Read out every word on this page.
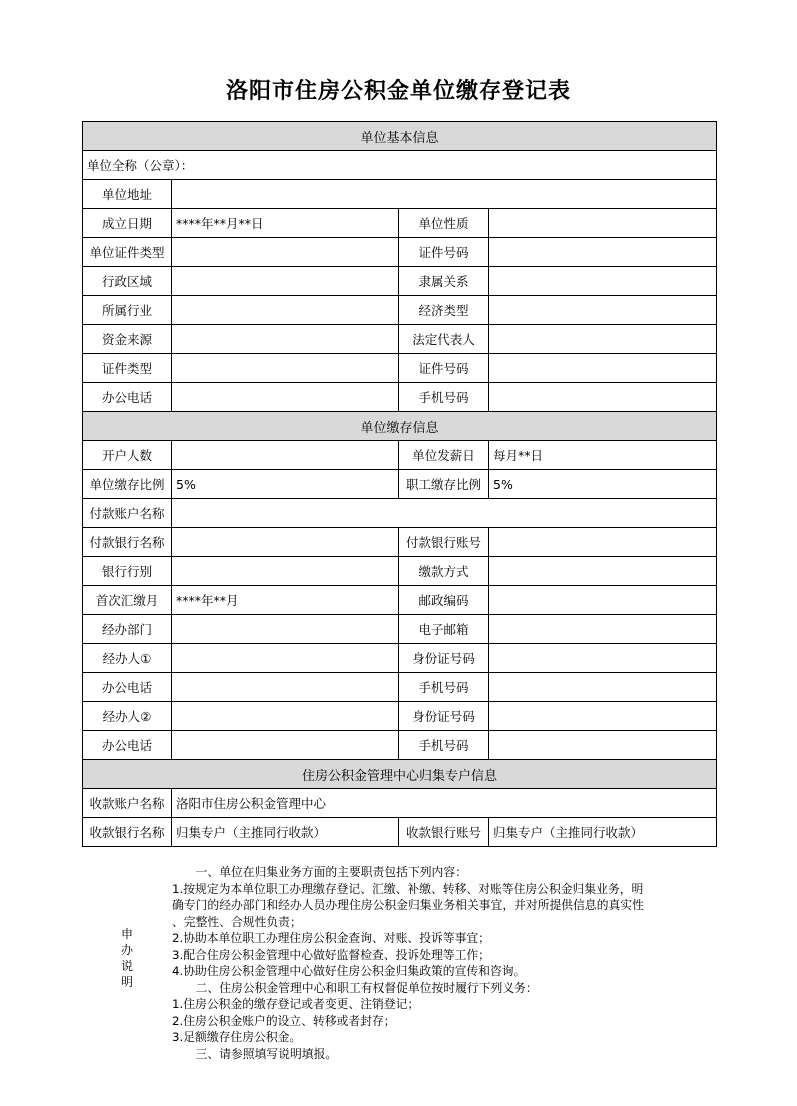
洛阳市住房公积金单位缴存登记表
单位基本信息			
单位全称（公章）：			
单位地址			
成立日期	****年**月**日	单位性质	
单位证件类型		证件号码	
行政区域		隶属关系	
所属行业		经济类型	
资金来源		法定代表人	
证件类型		证件号码	
办公电话		手机号码	
单位缴存信息			
开户人数		单位发薪日	每月**日
单位缴存比例	5%	职工缴存比例	5%
付款账户名称			
付款银行名称		付款银行账号	
银行行别		缴款方式	
首次汇缴月	****年**月	邮政编码	
经办部门		电子邮箱	
经办人①		身份证号码	
办公电话		手机号码	
经办人②		身份证号码	
办公电话		手机号码	
住房公积金管理中心归集专户信息			
收款账户名称	洛阳市住房公积金管理中心		
收款银行名称	归集专户（主推同行收款）	收款银行账号	归集专户（主推同行收款）
申
办
说
明
　　一、单位在归集业务方面的主要职责包括下列内容：
1.按规定为本单位职工办理缴存登记、汇缴、补缴、转移、对账等住房公积金归集业务，明
确专门的经办部门和经办人员办理住房公积金归集业务相关事宜，并对所提供信息的真实性
、完整性、合规性负责；
2.协助本单位职工办理住房公积金查询、对账、投诉等事宜；
3.配合住房公积金管理中心做好监督检查、投诉处理等工作；
4.协助住房公积金管理中心做好住房公积金归集政策的宣传和咨询。
　　二、住房公积金管理中心和职工有权督促单位按时履行下列义务：
1.住房公积金的缴存登记或者变更、注销登记；
2.住房公积金账户的设立、转移或者封存；
3.足额缴存住房公积金。
　　三、请参照填写说明填报。
